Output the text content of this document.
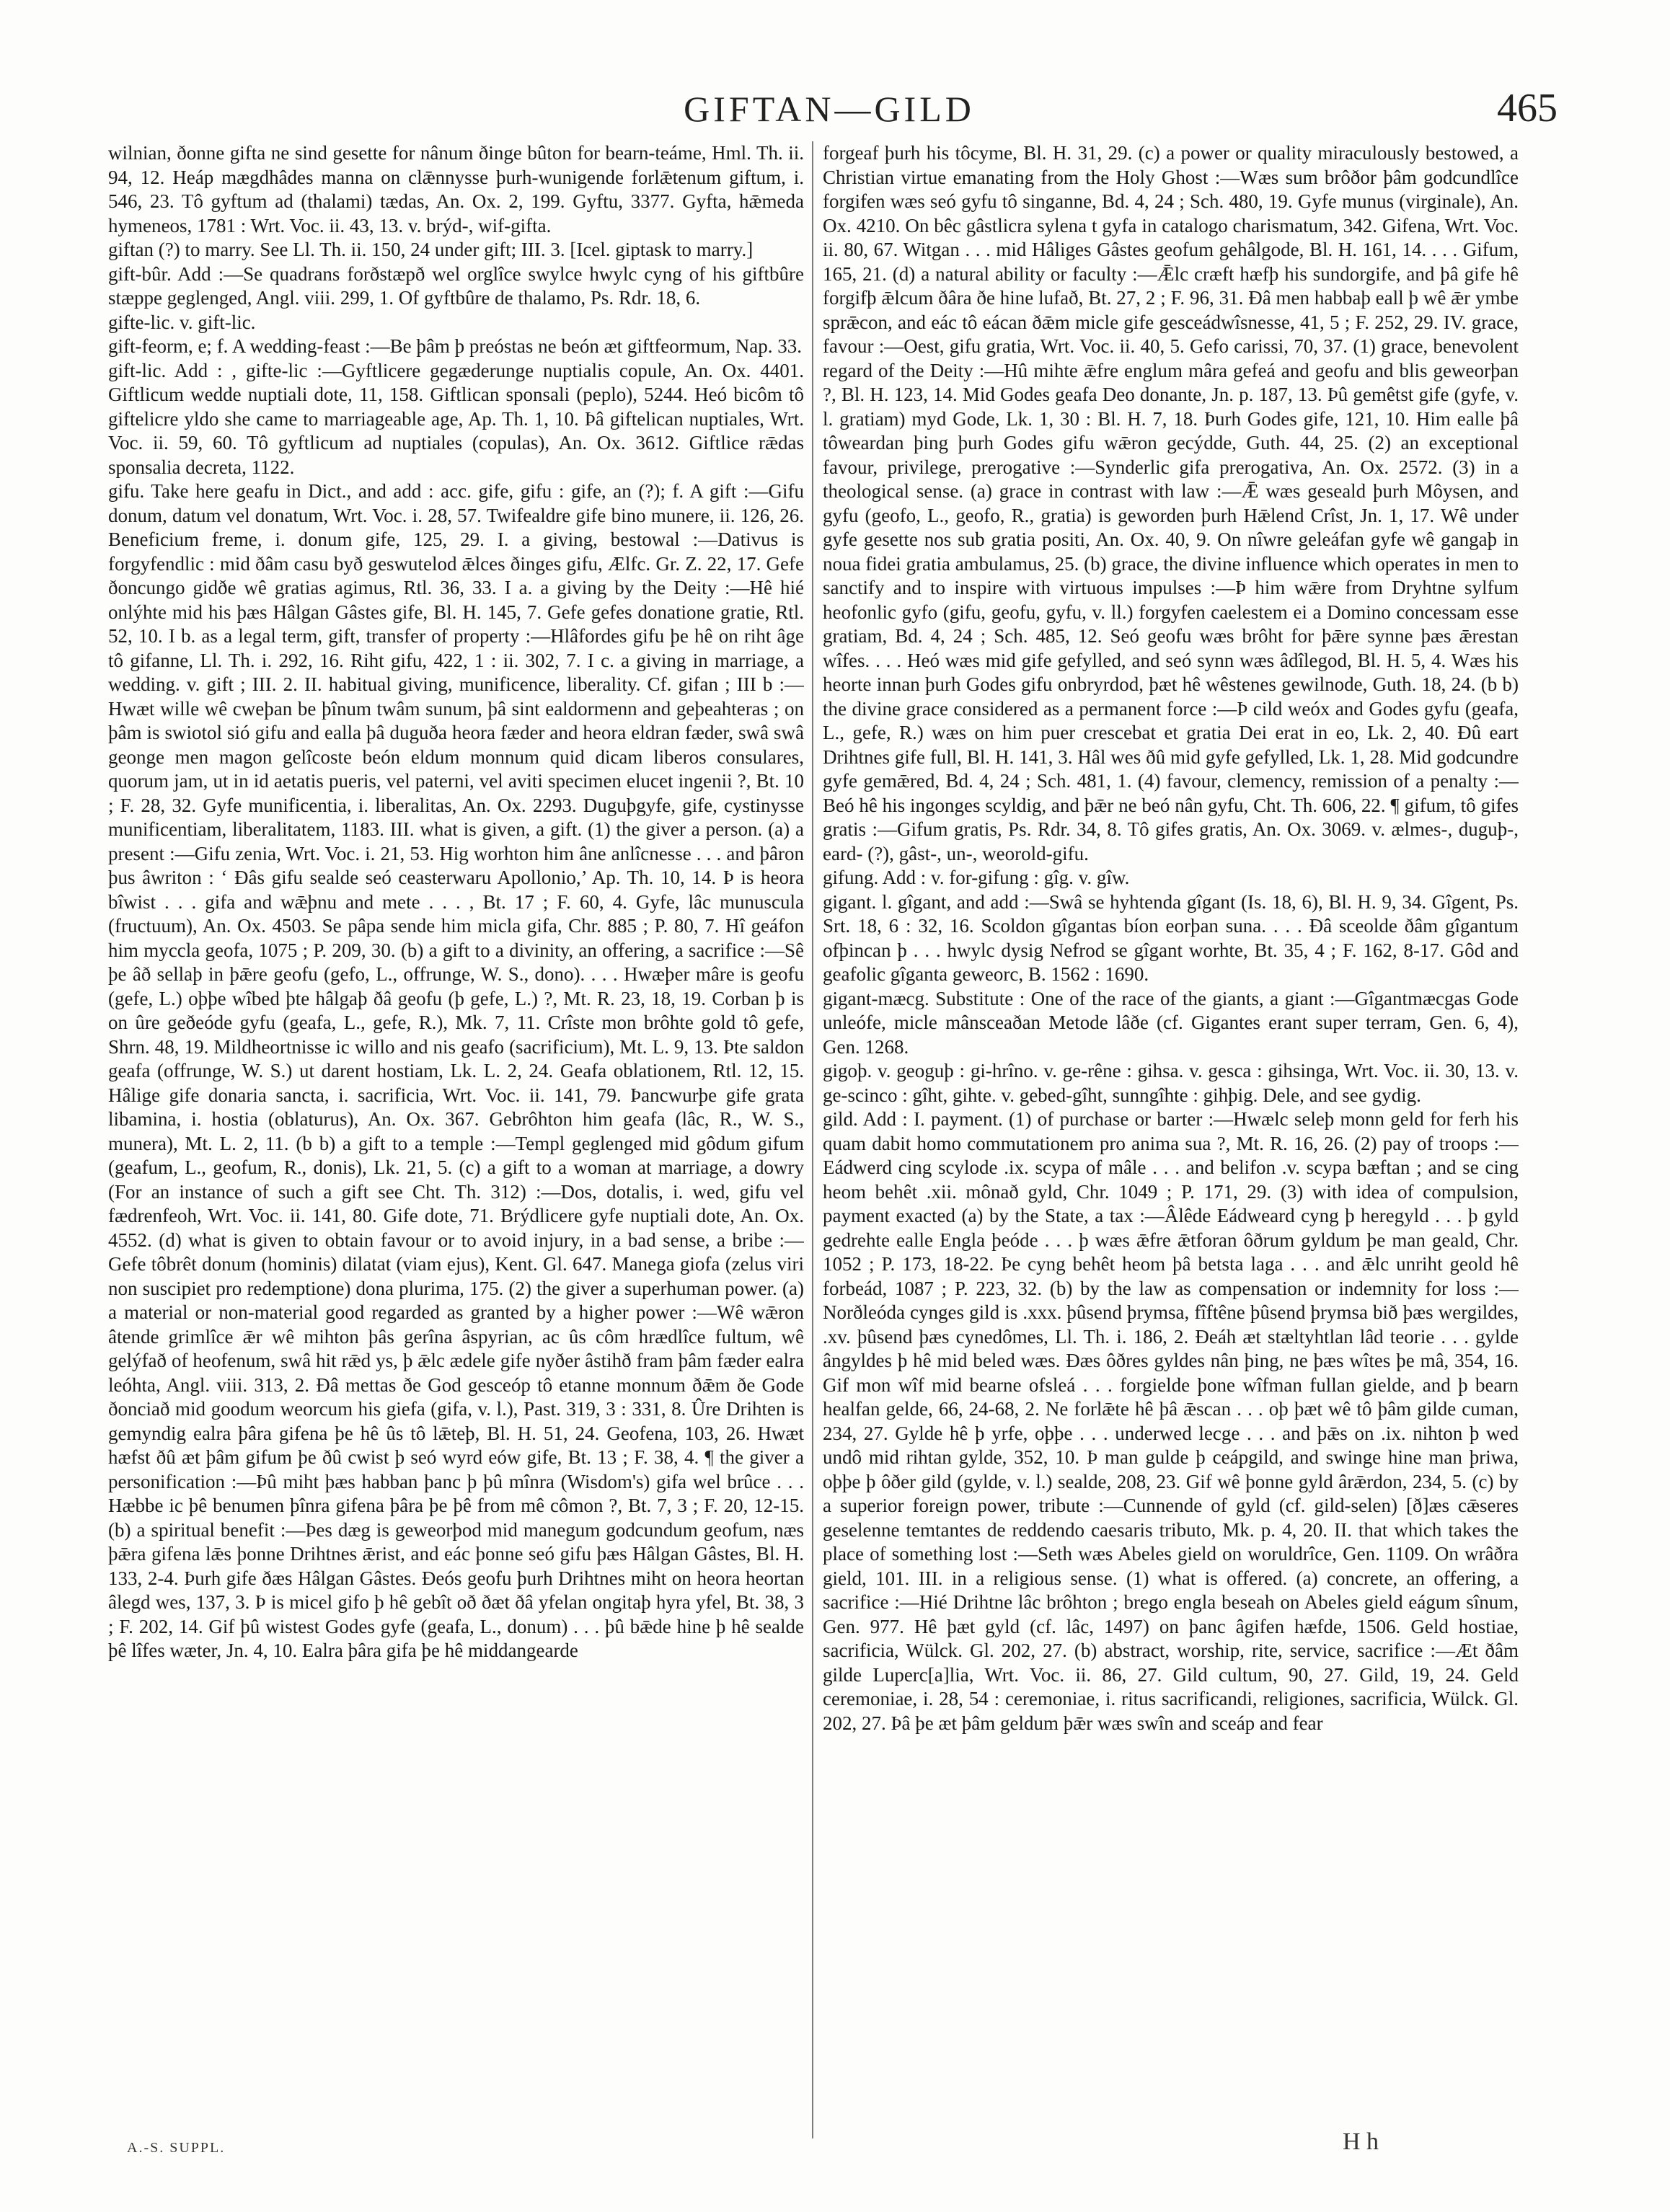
GIFTAN—GILD	465

wilnian, ðonne gifta ne sind gesette for nânum ðinge bûton for bearn-teáme, Hml. Th. ii. 94, 12. Heáp mægdhâdes manna on clǣnnysse þurh-wunigende forlǣtenum giftum, i. 546, 23. Tô gyftum ad (thalami) tædas, An. Ox. 2, 199. Gyftu, 3377. Gyfta, hǣmeda hymeneos, 1781 : Wrt. Voc. ii. 43, 13. v. brýd-, wif-gifta.

giftan (?) to marry. See Ll. Th. ii. 150, 24 under gift; III. 3. [Icel. giptask to marry.]

gift-bûr. Add :—Se quadrans forðstæpð wel orglîce swylce hwylc cyng of his giftbûre stæppe geglenged, Angl. viii. 299, 1. Of gyftbûre de thalamo, Ps. Rdr. 18, 6.

gifte-lic. v. gift-lic.

gift-feorm, e; f. A wedding-feast :—Be þâm þ preóstas ne beón æt giftfeormum, Nap. 33.

gift-lic. Add : , gifte-lic :—Gyftlicere gegæderunge nuptialis copule, An. Ox. 4401. Giftlicum wedde nuptiali dote, 11, 158. Giftlican sponsali (peplo), 5244. Heó bicôm tô giftelicre yldo she came to marriageable age, Ap. Th. 1, 10. Þâ giftelican nuptiales, Wrt. Voc. ii. 59, 60. Tô gyftlicum ad nuptiales (copulas), An. Ox. 3612. Giftlice rǣdas sponsalia decreta, 1122.

gifu. Take here geafu in Dict., and add : acc. gife, gifu : gife, an (?); f. A gift :—Gifu donum, datum vel donatum, Wrt. Voc. i. 28, 57. Twifealdre gife bino munere, ii. 126, 26. Beneficium freme, i. donum gife, 125, 29. I. a giving, bestowal :—Dativus is forgyfendlic : mid ðâm casu byð geswutelod ǣlces ðinges gifu, Ælfc. Gr. Z. 22, 17. Gefe ðoncungo gidðe wê gratias agimus, Rtl. 36, 33. I a. a giving by the Deity :—Hê hié onlýhte mid his þæs Hâlgan Gâstes gife, Bl. H. 145, 7. Gefe gefes donatione gratie, Rtl. 52, 10. I b. as a legal term, gift, transfer of property :—Hlâfordes gifu þe hê on riht âge tô gifanne, Ll. Th. i. 292, 16. Riht gifu, 422, 1 : ii. 302, 7. I c. a giving in marriage, a wedding. v. gift ; III. 2. II. habitual giving, munificence, liberality. Cf. gifan ; III b :—Hwæt wille wê cweþan be þînum twâm sunum, þâ sint ealdormenn and geþeahteras ; on þâm is swiotol sió gifu and ealla þâ duguða heora fæder and heora eldran fæder, swâ swâ geonge men magon gelîcoste beón eldum monnum quid dicam liberos consulares, quorum jam, ut in id aetatis pueris, vel paterni, vel aviti specimen elucet ingenii ?, Bt. 10 ; F. 28, 32. Gyfe munificentia, i. liberalitas, An. Ox. 2293. Duguþgyfe, gife, cystinysse munificentiam, liberalitatem, 1183. III. what is given, a gift. (1) the giver a person. (a) a present :—Gifu zenia, Wrt. Voc. i. 21, 53. Hig worhton him âne anlîcnesse . . . and þâron þus âwriton : ‘ Ðâs gifu sealde seó ceasterwaru Apollonio,’ Ap. Th. 10, 14. Þ is heora bîwist . . . gifa and wǣþnu and mete . . . , Bt. 17 ; F. 60, 4. Gyfe, lâc munuscula (fructuum), An. Ox. 4503. Se pâpa sende him micla gifa, Chr. 885 ; P. 80, 7. Hî geáfon him myccla geofa, 1075 ; P. 209, 30. (b) a gift to a divinity, an offering, a sacrifice :—Sê þe âð sellaþ in þǣre geofu (gefo, L., offrunge, W. S., dono). . . . Hwæþer mâre is geofu (gefe, L.) oþþe wîbed þte hâlgaþ ðâ geofu (þ gefe, L.) ?, Mt. R. 23, 18, 19. Corban þ is on ûre geðeóde gyfu (geafa, L., gefe, R.), Mk. 7, 11. Crîste mon brôhte gold tô gefe, Shrn. 48, 19. Mildheortnisse ic willo and nis geafo (sacrificium), Mt. L. 9, 13. Þte saldon geafa (offrunge, W. S.) ut darent hostiam, Lk. L. 2, 24. Geafa oblationem, Rtl. 12, 15. Hâlige gife donaria sancta, i. sacrificia, Wrt. Voc. ii. 141, 79. Þancwurþe gife grata libamina, i. hostia (oblaturus), An. Ox. 367. Gebrôhton him geafa (lâc, R., W. S., munera), Mt. L. 2, 11. (b b) a gift to a temple :—Templ geglenged mid gôdum gifum (geafum, L., geofum, R., donis), Lk. 21, 5. (c) a gift to a woman at marriage, a dowry (For an instance of such a gift see Cht. Th. 312) :—Dos, dotalis, i. wed, gifu vel fædrenfeoh, Wrt. Voc. ii. 141, 80. Gife dote, 71. Brýdlicere gyfe nuptiali dote, An. Ox. 4552. (d) what is given to obtain favour or to avoid injury, in a bad sense, a bribe :—Gefe tôbrêt donum (hominis) dilatat (viam ejus), Kent. Gl. 647. Manega giofa (zelus viri non suscipiet pro redemptione) dona plurima, 175. (2) the giver a superhuman power. (a) a material or non-material good regarded as granted by a higher power :—Wê wǣron âtende grimlîce ǣr wê mihton þâs gerîna âspyrian, ac ûs côm hrædlîce fultum, wê gelýfað of heofenum, swâ hit rǣd ys, þ ǣlc ædele gife nyðer âstihð fram þâm fæder ealra leóhta, Angl. viii. 313, 2. Ðâ mettas ðe God gesceóp tô etanne monnum ðǣm ðe Gode ðonciað mid goodum weorcum his giefa (gifa, v. l.), Past. 319, 3 : 331, 8. Ûre Drihten is gemyndig ealra þâra gifena þe hê ûs tô lǣteþ, Bl. H. 51, 24. Geofena, 103, 26. Hwæt hæfst ðû æt þâm gifum þe ðû cwist þ seó wyrd eów gife, Bt. 13 ; F. 38, 4. ¶ the giver a personification :—Þû miht þæs habban þanc þ þû mînra (Wisdom's) gifa wel brûce . . . Hæbbe ic þê benumen þînra gifena þâra þe þê from mê cômon ?, Bt. 7, 3 ; F. 20, 12-15. (b) a spiritual benefit :—Þes dæg is geweorþod mid manegum godcundum geofum, næs þǣra gifena lǣs þonne Drihtnes ǣrist, and eác þonne seó gifu þæs Hâlgan Gâstes, Bl. H. 133, 2-4. Þurh gife ðæs Hâlgan Gâstes. Ðeós geofu þurh Drihtnes miht on heora heortan âlegd wes, 137, 3. Þ is micel gifo þ hê gebît oð ðæt ðâ yfelan ongitaþ hyra yfel, Bt. 38, 3 ; F. 202, 14. Gif þû wistest Godes gyfe (geafa, L., donum) . . . þû bǣde hine þ hê sealde þê lîfes wæter, Jn. 4, 10. Ealra þâra gifa þe hê middangearde

forgeaf þurh his tôcyme, Bl. H. 31, 29. (c) a power or quality miraculously bestowed, a Christian virtue emanating from the Holy Ghost :—Wæs sum brôðor þâm godcundlîce forgifen wæs seó gyfu tô singanne, Bd. 4, 24 ; Sch. 480, 19. Gyfe munus (virginale), An. Ox. 4210. On bêc gâstlicra sylena t gyfa in catalogo charismatum, 342. Gifena, Wrt. Voc. ii. 80, 67. Witgan . . . mid Hâliges Gâstes geofum gehâlgode, Bl. H. 161, 14. . . . Gifum, 165, 21. (d) a natural ability or faculty :—Ǣlc cræft hæfþ his sundorgife, and þâ gife hê forgifþ ǣlcum ðâra ðe hine lufað, Bt. 27, 2 ; F. 96, 31. Ðâ men habbaþ eall þ wê ǣr ymbe sprǣcon, and eác tô eácan ðǣm micle gife gesceádwîsnesse, 41, 5 ; F. 252, 29. IV. grace, favour :—Oest, gifu gratia, Wrt. Voc. ii. 40, 5. Gefo carissi, 70, 37. (1) grace, benevolent regard of the Deity :—Hû mihte ǣfre englum mâra gefeá and geofu and blis geweorþan ?, Bl. H. 123, 14. Mid Godes geafa Deo donante, Jn. p. 187, 13. Þû gemêtst gife (gyfe, v. l. gratiam) myd Gode, Lk. 1, 30 : Bl. H. 7, 18. Þurh Godes gife, 121, 10. Him ealle þâ tôweardan þing þurh Godes gifu wǣron gecýdde, Guth. 44, 25. (2) an exceptional favour, privilege, prerogative :—Synderlic gifa prerogativa, An. Ox. 2572. (3) in a theological sense. (a) grace in contrast with law :—Ǣ wæs geseald þurh Môysen, and gyfu (geofo, L., geofo, R., gratia) is geworden þurh Hǣlend Crîst, Jn. 1, 17. Wê under gyfe gesette nos sub gratia positi, An. Ox. 40, 9. On nîwre geleáfan gyfe wê gangaþ in noua fidei gratia ambulamus, 25. (b) grace, the divine influence which operates in men to sanctify and to inspire with virtuous impulses :—Þ him wǣre from Dryhtne sylfum heofonlic gyfo (gifu, geofu, gyfu, v. ll.) forgyfen caelestem ei a Domino concessam esse gratiam, Bd. 4, 24 ; Sch. 485, 12. Seó geofu wæs brôht for þǣre synne þæs ǣrestan wîfes. . . . Heó wæs mid gife gefylled, and seó synn wæs âdîlegod, Bl. H. 5, 4. Wæs his heorte innan þurh Godes gifu onbryrdod, þæt hê wêstenes gewilnode, Guth. 18, 24. (b b) the divine grace considered as a permanent force :—Þ cild weóx and Godes gyfu (geafa, L., gefe, R.) wæs on him puer crescebat et gratia Dei erat in eo, Lk. 2, 40. Ðû eart Drihtnes gife full, Bl. H. 141, 3. Hâl wes ðû mid gyfe gefylled, Lk. 1, 28. Mid godcundre gyfe gemǣred, Bd. 4, 24 ; Sch. 481, 1. (4) favour, clemency, remission of a penalty :—Beó hê his ingonges scyldig, and þǣr ne beó nân gyfu, Cht. Th. 606, 22. ¶ gifum, tô gifes gratis :—Gifum gratis, Ps. Rdr. 34, 8. Tô gifes gratis, An. Ox. 3069. v. ælmes-, duguþ-, eard- (?), gâst-, un-, weorold-gifu.

gifung. Add : v. for-gifung : gîg. v. gîw.

gigant. l. gîgant, and add :—Swâ se hyhtenda gîgant (Is. 18, 6), Bl. H. 9, 34. Gîgent, Ps. Srt. 18, 6 : 32, 16. Scoldon gîgantas bíon eorþan suna. . . . Ðâ sceolde ðâm gîgantum ofþincan þ . . . hwylc dysig Nefrod se gîgant worhte, Bt. 35, 4 ; F. 162, 8-17. Gôd and geafolic gîganta geweorc, B. 1562 : 1690.

gigant-mæcg. Substitute : One of the race of the giants, a giant :—Gîgantmæcgas Gode unleófe, micle mânsceaðan Metode lâðe (cf. Gigantes erant super terram, Gen. 6, 4), Gen. 1268.

gigoþ. v. geoguþ : gi-hrîno. v. ge-rêne : gihsa. v. gesca : gihsinga, Wrt. Voc. ii. 30, 13. v. ge-scinco : gîht, gihte. v. gebed-gîht, sunngîhte : gihþig. Dele, and see gydig.

gild. Add : I. payment. (1) of purchase or barter :—Hwælc seleþ monn geld for ferh his quam dabit homo commutationem pro anima sua ?, Mt. R. 16, 26. (2) pay of troops :—Eádwerd cing scylode .ix. scypa of mâle . . . and belifon .v. scypa bæftan ; and se cing heom behêt .xii. mônað gyld, Chr. 1049 ; P. 171, 29. (3) with idea of compulsion, payment exacted (a) by the State, a tax :—Âlêde Eádweard cyng þ heregyld . . . þ gyld gedrehte ealle Engla þeóde . . . þ wæs ǣfre ǣtforan ôðrum gyldum þe man geald, Chr. 1052 ; P. 173, 18-22. Þe cyng behêt heom þâ betsta laga . . . and ǣlc unriht geold hê forbeád, 1087 ; P. 223, 32. (b) by the law as compensation or indemnity for loss :—Norðleóda cynges gild is .xxx. þûsend þrymsa, fîftêne þûsend þrymsa bið þæs wergildes, .xv. þûsend þæs cynedômes, Ll. Th. i. 186, 2. Ðeáh æt stæltyhtlan lâd teorie . . . gylde ângyldes þ hê mid beled wæs. Ðæs ôðres gyldes nân þing, ne þæs wîtes þe mâ, 354, 16. Gif mon wîf mid bearne ofsleá . . . forgielde þone wîfman fullan gielde, and þ bearn healfan gelde, 66, 24-68, 2. Ne forlǣte hê þâ ǣscan . . . oþ þæt wê tô þâm gilde cuman, 234, 27. Gylde hê þ yrfe, oþþe . . . underwed lecge . . . and þǣs on .ix. nihton þ wed undô mid rihtan gylde, 352, 10. Þ man gulde þ ceápgild, and swinge hine man þriwa, oþþe þ ôðer gild (gylde, v. l.) sealde, 208, 23. Gif wê þonne gyld ârǣrdon, 234, 5. (c) by a superior foreign power, tribute :—Cunnende of gyld (cf. gild-selen) [ð]æs cǣseres geselenne temtantes de reddendo caesaris tributo, Mk. p. 4, 20. II. that which takes the place of something lost :—Seth wæs Abeles gield on woruldrîce, Gen. 1109. On wrâðra gield, 101. III. in a religious sense. (1) what is offered. (a) concrete, an offering, a sacrifice :—Hié Drihtne lâc brôhton ; brego engla beseah on Abeles gield eágum sînum, Gen. 977. Hê þæt gyld (cf. lâc, 1497) on þanc âgifen hæfde, 1506. Geld hostiae, sacrificia, Wülck. Gl. 202, 27. (b) abstract, worship, rite, service, sacrifice :—Æt ðâm gilde Luperc[a]lia, Wrt. Voc. ii. 86, 27. Gild cultum, 90, 27. Gild, 19, 24. Geld ceremoniae, i. 28, 54 : ceremoniae, i. ritus sacrificandi, religiones, sacrificia, Wülck. Gl. 202, 27. Þâ þe æt þâm geldum þǣr wæs swîn and sceáp and fear

A.-S. SUPPL.	H h
